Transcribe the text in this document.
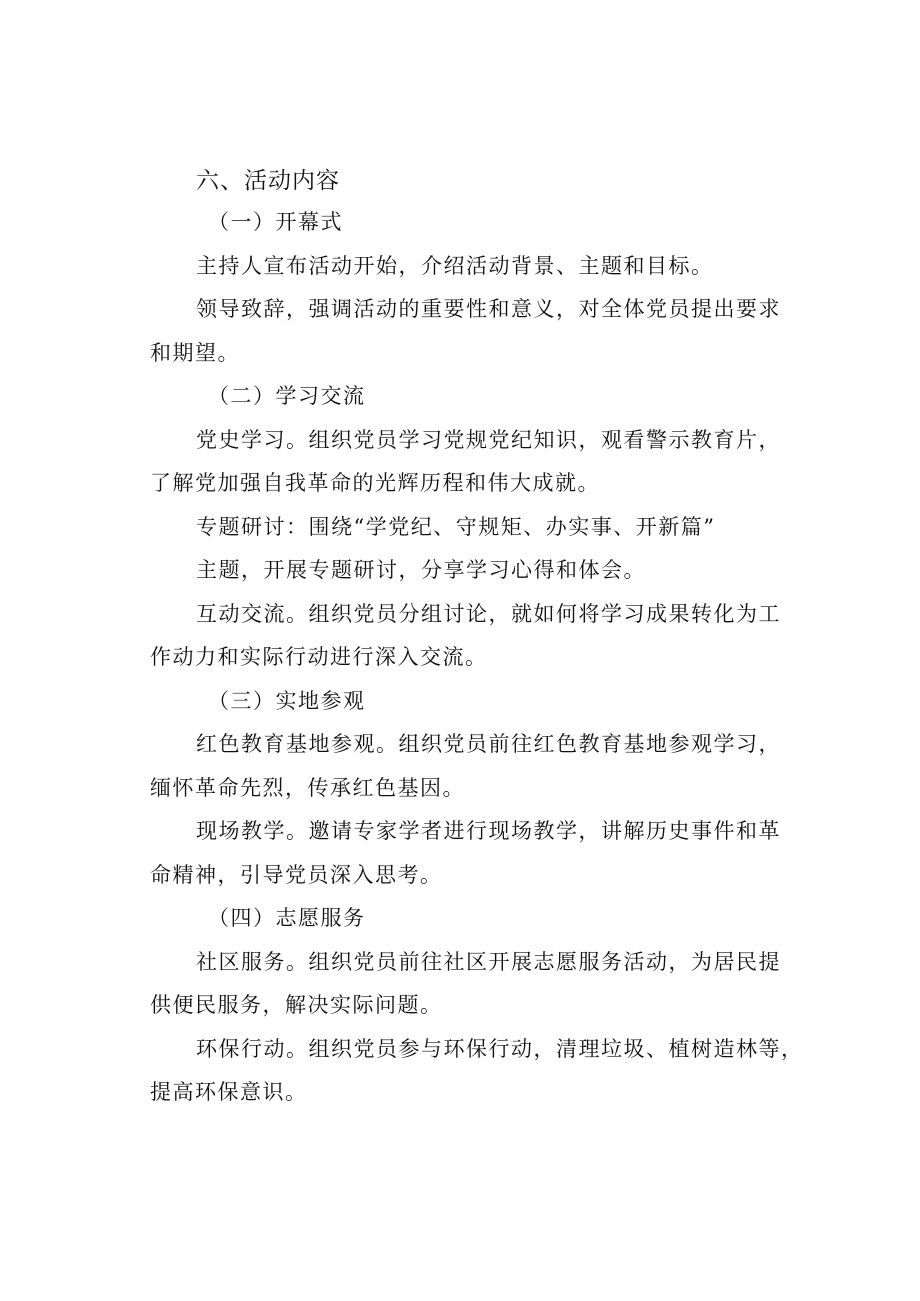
六、活动内容
（一）开幕式
主持人宣布活动开始，介绍活动背景、主题和目标。
领导致辞，强调活动的重要性和意义，对全体党员提出要求
和期望。
（二）学习交流
党史学习。组织党员学习党规党纪知识，观看警示教育片，
了解党加强自我革命的光辉历程和伟大成就。
专题研讨：围绕“学党纪、守规矩、办实事、开新篇”
主题，开展专题研讨，分享学习心得和体会。
互动交流。组织党员分组讨论，就如何将学习成果转化为工
作动力和实际行动进行深入交流。
（三）实地参观
红色教育基地参观。组织党员前往红色教育基地参观学习，
缅怀革命先烈，传承红色基因。
现场教学。邀请专家学者进行现场教学，讲解历史事件和革
命精神，引导党员深入思考。
（四）志愿服务
社区服务。组织党员前往社区开展志愿服务活动，为居民提
供便民服务，解决实际问题。
环保行动。组织党员参与环保行动，清理垃圾、植树造林等，
提高环保意识。
